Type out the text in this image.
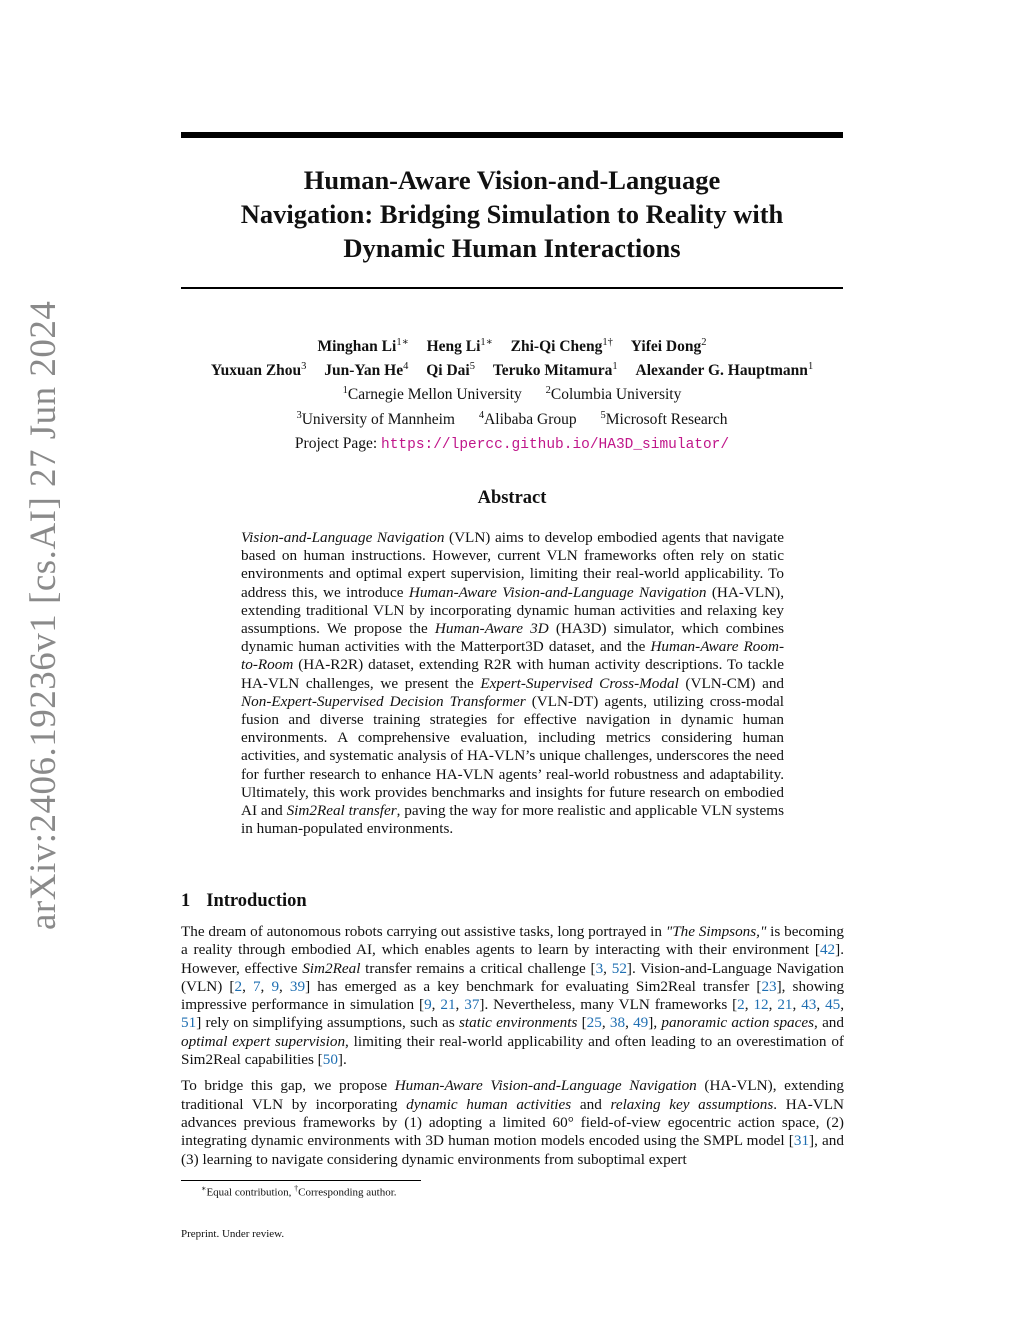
arXiv:2406.19236v1 [cs.AI] 27 Jun 2024
Human-Aware Vision-and-Language
Navigation: Bridging Simulation to Reality with
Dynamic Human Interactions
Minghan $Li^{1∗}$ Heng $Li^{1∗}$ Zhi-Qi Cheng$^{1\dagger}$ Yifei Dong$^2$
Yuxuan Zhou$^3$ Jun-Yan He$^4$ Qi Dai$^5$ Teruko Mitamura$^1$ Alexander G. Hauptmann$^1$
$^1$Carnegie Mellon University $^2$Columbia University
$^3$University of Mannheim $^4$Alibaba Group $^5$Microsoft Research
Project Page: https://lpercc.github.io/HA3D_simulator/
Abstract
Vision-and-Language Navigation (VLN) aims to develop embodied agents that navigate based on human instructions. However, current VLN frameworks often rely on static environments and optimal expert supervision, limiting their real-world applicability. To address this, we introduce Human-Aware Vision-and-Language Navigation (HA-VLN), extending traditional VLN by incorporating dynamic human activities and relaxing key assumptions. We propose the Human-Aware 3D (HA3D) simulator, which combines dynamic human activities with the Matterport3D dataset, and the Human-Aware Room-to-Room (HA-R2R) dataset, extending R2R with human activity descriptions. To tackle HA-VLN challenges, we present the Expert-Supervised Cross-Modal (VLN-CM) and Non-Expert-Supervised Decision Transformer (VLN-DT) agents, utilizing cross-modal fusion and diverse training strategies for effective navigation in dynamic human environments. A comprehensive evaluation, including metrics considering human activities, and systematic analysis of HA-VLN’s unique challenges, underscores the need for further research to enhance HA-VLN agents’ real-world robustness and adaptability. Ultimately, this work provides benchmarks and insights for future research on embodied AI and Sim2Real transfer, paving the way for more realistic and applicable VLN systems in human-populated environments.
1 Introduction

The dream of autonomous robots carrying out assistive tasks, long portrayed in "The Simpsons," is becoming a reality through embodied AI, which enables agents to learn by interacting with their environment [42]. However, effective Sim2Real transfer remains a critical challenge [3, 52]. Vision-and-Language Navigation (VLN) [2, 7, 9, 39] has emerged as a key benchmark for evaluating Sim2Real transfer [23], showing impressive performance in simulation [9, 21, 37]. Nevertheless, many VLN frameworks [2, 12, 21, 43, 45, 51] rely on simplifying assumptions, such as static environments [25, 38, 49], panoramic action spaces, and optimal expert supervision, limiting their real-world applicability and often leading to an overestimation of Sim2Real capabilities [50].

To bridge this gap, we propose Human-Aware Vision-and-Language Navigation (HA-VLN), extending traditional VLN by incorporating dynamic human activities and relaxing key assumptions. HA-VLN advances previous frameworks by (1) adopting a limited 60° field-of-view egocentric action space, (2) integrating dynamic environments with 3D human motion models encoded using the SMPL model [31], and (3) learning to navigate considering dynamic environments from suboptimal expert

∗Equal contribution, †Corresponding author.
Preprint. Under review.
